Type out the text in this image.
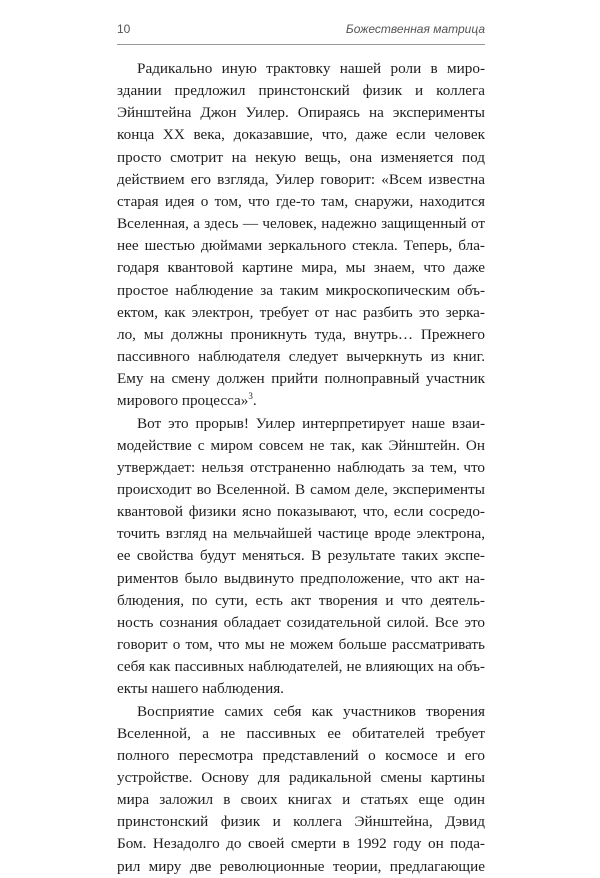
10	Божественная матрица
Радикально иную трактовку нашей роли в миро-
здании предложил принстонский физик и коллега
Эйнштейна Джон Уилер. Опираясь на эксперименты
конца XX века, доказавшие, что, даже если человек
просто смотрит на некую вещь, она изменяется под
действием его взгляда, Уилер говорит: «Всем известна
старая идея о том, что где-то там, снаружи, находится
Вселенная, а здесь — человек, надежно защищенный от
нее шестью дюймами зеркального стекла. Теперь, бла-
годаря квантовой картине мира, мы знаем, что даже
простое наблюдение за таким микроскопическим объ-
ектом, как электрон, требует от нас разбить это зерка-
ло, мы должны проникнуть туда, внутрь… Прежнего
пассивного наблюдателя следует вычеркнуть из книг.
Ему на смену должен прийти полноправный участник
мирового процесса»$^3$.
Вот это прорыв! Уилер интерпретирует наше взаи-
модействие с миром совсем не так, как Эйнштейн. Он
утверждает: нельзя отстраненно наблюдать за тем, что
происходит во Вселенной. В самом деле, эксперименты
квантовой физики ясно показывают, что, если сосредо-
точить взгляд на мельчайшей частице вроде электрона,
ее свойства будут меняться. В результате таких экспе-
риментов было выдвинуто предположение, что акт на-
блюдения, по сути, есть акт творения и что деятель-
ность сознания обладает созидательной силой. Все это
говорит о том, что мы не можем больше рассматривать
себя как пассивных наблюдателей, не влияющих на объ-
екты нашего наблюдения.
Восприятие самих себя как участников творения
Вселенной, а не пассивных ее обитателей требует
полного пересмотра представлений о космосе и его
устройстве. Основу для радикальной смены картины
мира заложил в своих книгах и статьях еще один
принстонский физик и коллега Эйнштейна, Дэвид
Бом. Незадолго до своей смерти в 1992 году он пода-
рил миру две революционные теории, предлагающие
